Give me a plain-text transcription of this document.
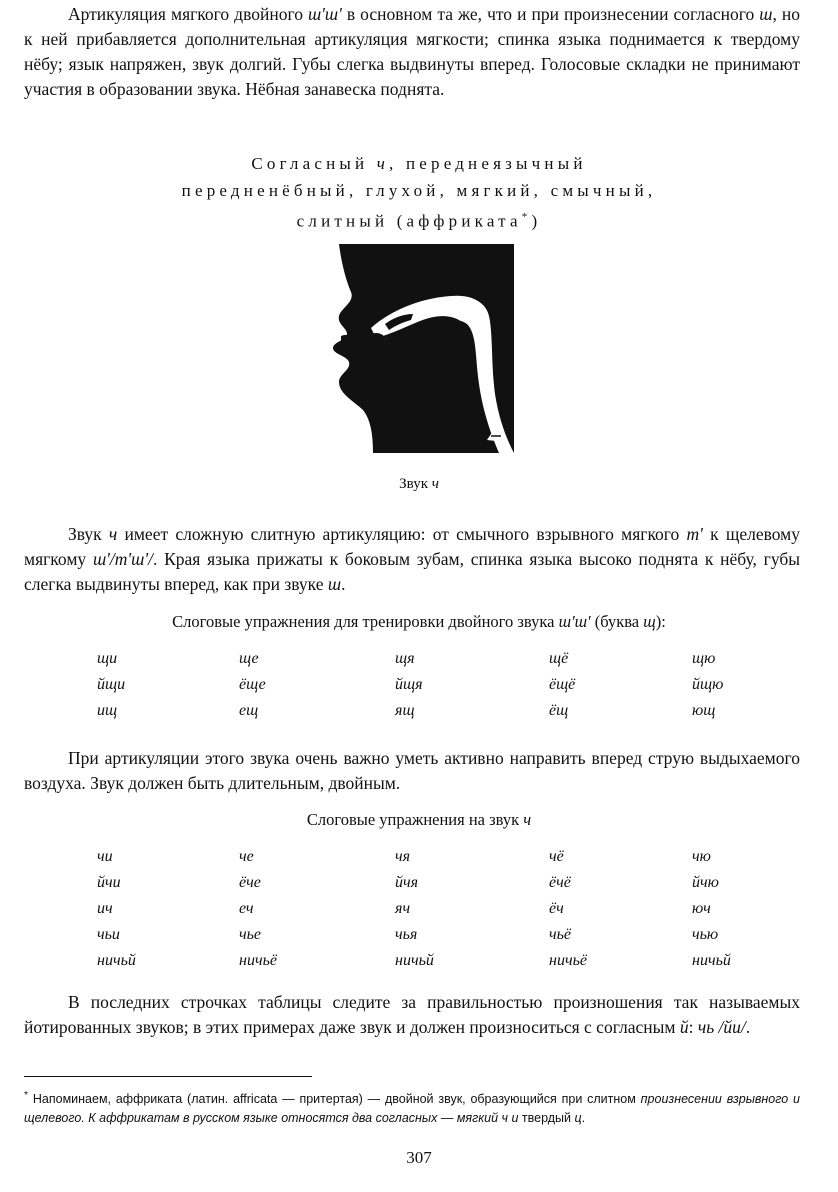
Артикуляция мягкого двойного ш'ш' в основном та же, что и при произнесении согласного ш, но к ней прибавляется дополнительная артикуляция мягкости; спинка языка поднимается к твердому нёбу; язык напряжен, звук долгий. Губы слегка выдвинуты вперед. Голосовые складки не принимают участия в образовании звука. Нёбная занавеска поднята.

Согласный ч, переднеязычный
передненёбный, глухой, мягкий, смычный,
слитный (аффриката*)
Звук ч

Звук ч имеет сложную слитную артикуляцию: от смычного взрывного мягкого т' к щелевому мягкому ш'/т'ш'/. Края языка прижаты к боковым зубам, спинка языка высоко поднята к нёбу, губы слегка выдвинуты вперед, как при звуке ш.

Слоговые упражнения для тренировки двойного звука ш'ш' (буква щ):
щи	ще	щя	щё	щю
йщи	ёще	йщя	ёщё	йщю
ищ	ещ	ящ	ёщ	ющ

При артикуляции этого звука очень важно уметь активно направить вперед струю выдыхаемого воздуха. Звук должен быть длительным, двойным.

Слоговые упражнения на звук ч
чи	че	чя	чё	чю
йчи	ёче	йчя	ёчё	йчю
ич	еч	яч	ёч	юч
чьи	чье	чья	чьё	чью
ничьй	ничьё	ничьй	ничьё	ничьй

В последних строчках таблицы следите за правильностью произношения так называемых йотированных звуков; в этих примерах даже звук и должен произноситься с согласным й: чь /йи/.

* Напоминаем, аффриката (латин. affricata — притертая) — двойной звук, образующийся при слитном произнесении взрывного и щелевого. К аффрикатам в русском языке относятся два согласных — мягкий ч и твердый ц.
307
